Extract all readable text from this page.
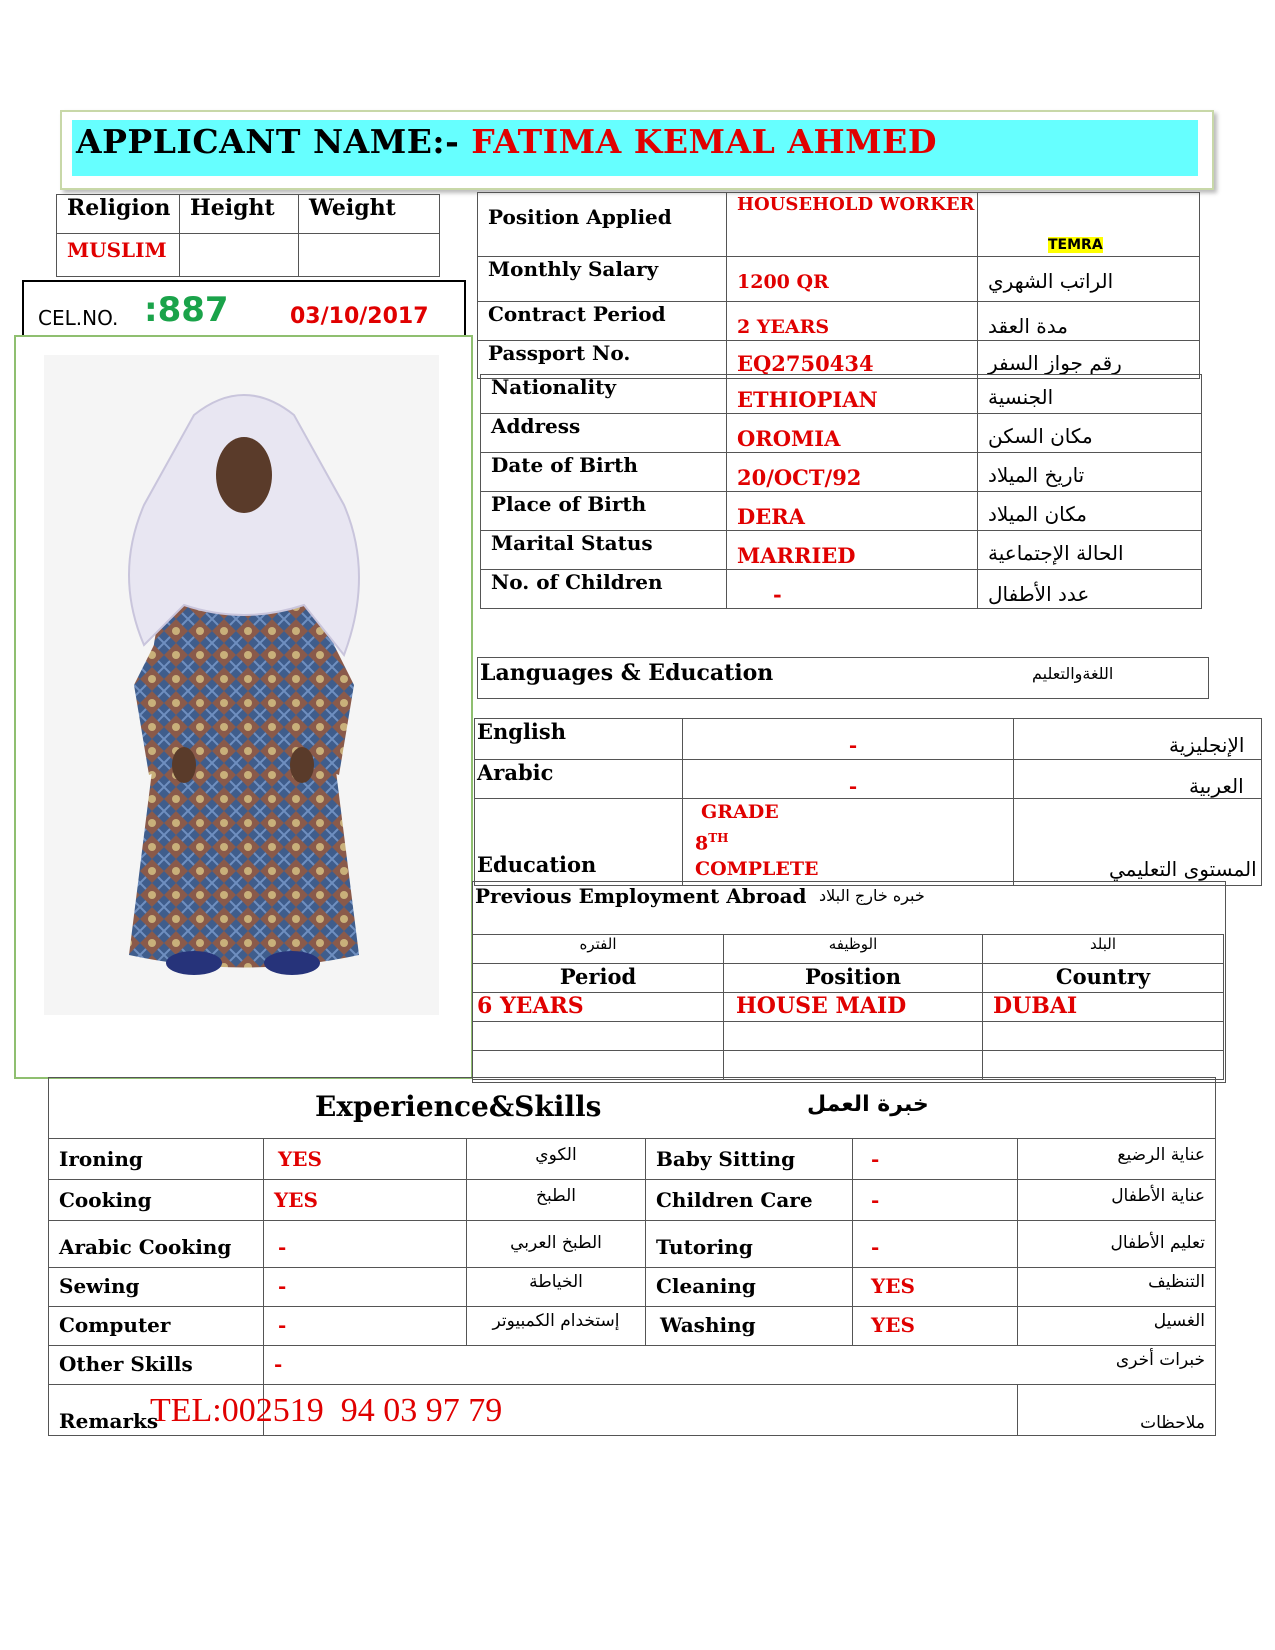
APPLICANT NAME:- FATIMA KEMAL AHMED
Religion	Height	Weight
MUSLIM		
CEL.NO. :887	03/10/2017
Position Applied	HOUSEHOLD WORKER	TEMRA
Monthly Salary	1200 QR	الراتب الشهري
Contract Period	2 YEARS	مدة العقد
Passport No.	EQ2750434	رقم جواز السفر
Nationality	ETHIOPIAN	الجنسية
Address	OROMIA	مكان السكن
Date of Birth	20/OCT/92	تاريخ الميلاد
Place of Birth	DERA	مكان الميلاد
Marital Status	MARRIED	الحالة الإجتماعية
No. of Children	-	عدد الأطفال
Languages & Education	اللغةوالتعليم
English	-	الإنجليزية
Arabic	-	العربية
Education	GRADE
8TH
COMPLETE	المستوى التعليمي
Previous Employment Abroad خبره خارج البلاد
الفتره	الوظيفه	البلد
Period	Position	Country
6 YEARS	HOUSE MAID	DUBAI

Experience&Skills خبرة العمل					

Ironing	YES	الكوي	Baby Sitting	-	عناية الرضيع
Cooking	YES	الطبخ	Children Care	-	عناية الأطفال
Arabic Cooking	-	الطبخ العربي	Tutoring	-	تعليم الأطفال
Sewing	-	الخياطة	Cleaning	YES	التنظيف
Computer	-	إستخدام الكمبيوتر	Washing	YES	الغسيل
Other Skills	-				خبرات أخرى
Remarks					ملاحظات
TEL:002519  94 03 97 79
